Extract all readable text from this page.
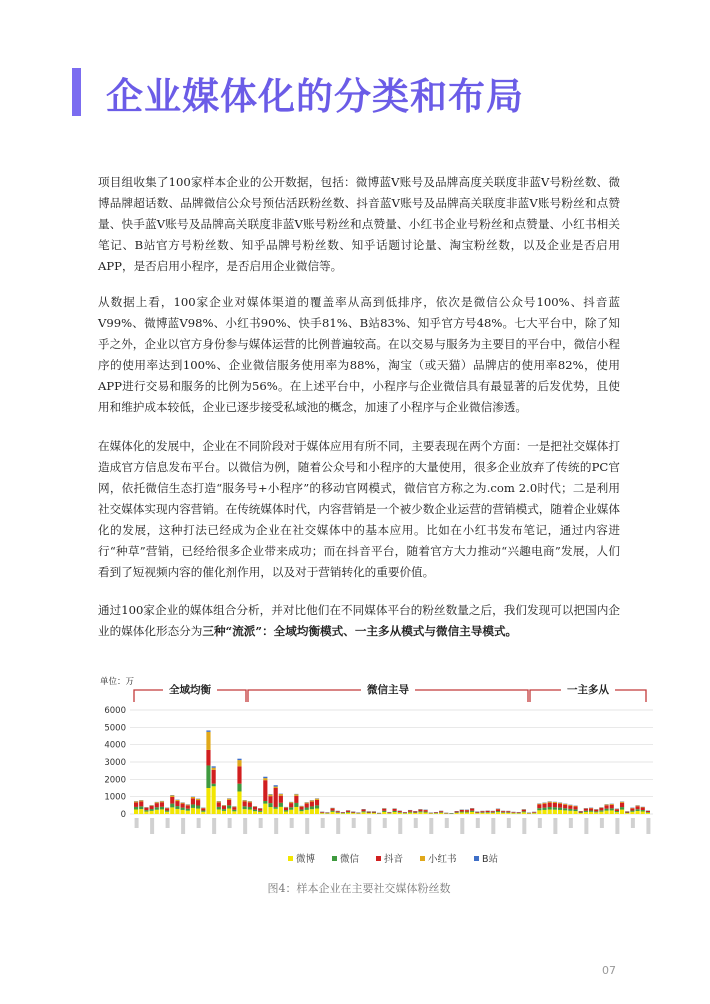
企业媒体化的分类和布局

项目组收集了100家样本企业的公开数据，包括：微博蓝V账号及品牌高度关联度非蓝V号粉丝数、微博品牌超话数、品牌微信公众号预估活跃粉丝数、抖音蓝V账号及品牌高关联度非蓝V账号粉丝和点赞量、快手蓝V账号及品牌高关联度非蓝V账号粉丝和点赞量、小红书企业号粉丝和点赞量、小红书相关笔记、B站官方号粉丝数、知乎品牌号粉丝数、知乎话题讨论量、淘宝粉丝数，以及企业是否启用APP，是否启用小程序，是否启用企业微信等。

从数据上看，100家企业对媒体渠道的覆盖率从高到低排序，依次是微信公众号100%、抖音蓝V99%、微博蓝V98%、小红书90%、快手81%、B站83%、知乎官方号48%。七大平台中，除了知乎之外，企业以官方身份参与媒体运营的比例普遍较高。在以交易与服务为主要目的平台中，微信小程序的使用率达到100%、企业微信服务使用率为88%，淘宝（或天猫）品牌店的使用率82%，使用APP进行交易和服务的比例为56%。在上述平台中，小程序与企业微信具有最显著的后发优势，且使用和维护成本较低，企业已逐步接受私域池的概念，加速了小程序与企业微信渗透。

在媒体化的发展中，企业在不同阶段对于媒体应用有所不同，主要表现在两个方面：一是把社交媒体打造成官方信息发布平台。以微信为例，随着公众号和小程序的大量使用，很多企业放弃了传统的PC官网，依托微信生态打造“服务号+小程序”的移动官网模式，微信官方称之为.com 2.0时代；二是利用社交媒体实现内容营销。在传统媒体时代，内容营销是一个被少数企业运营的营销模式，随着企业媒体化的发展，这种打法已经成为企业在社交媒体中的基本应用。比如在小红书发布笔记，通过内容进行“种草”营销，已经给很多企业带来成功；而在抖音平台，随着官方大力推动“兴趣电商”发展，人们看到了短视频内容的催化剂作用，以及对于营销转化的重要价值。

通过100家企业的媒体组合分析，并对比他们在不同媒体平台的粉丝数量之后，我们发现可以把国内企业的媒体化形态分为三种“流派”：全域均衡模式、一主多从模式与微信主导模式。

单位：万
6000
5000
4000
3000
2000
1000
0
全域均衡	微信主导	一主多从
微博	微信	抖音	小红书	B站
图4：样本企业在主要社交媒体粉丝数
07
